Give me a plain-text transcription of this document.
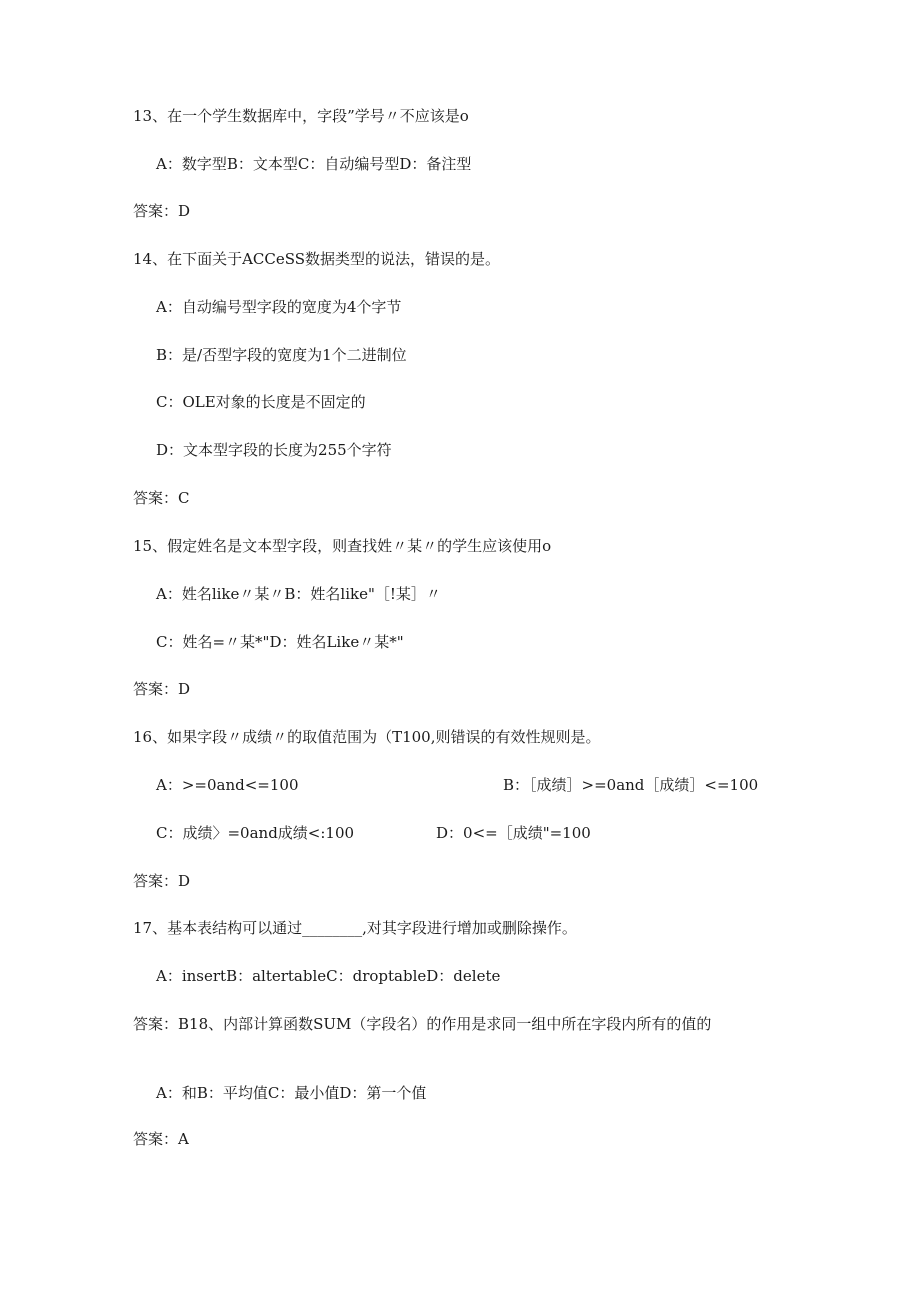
13、在一个学生数据库中，字段”学号〃不应该是o
A：数字型B：文本型C：自动编号型D：备注型
答案：D
14、在下面关于ACCeSS数据类型的说法，错误的是。
A：自动编号型字段的宽度为4个字节
B：是/否型字段的宽度为1个二进制位
C：OLE对象的长度是不固定的
D：文本型字段的长度为255个字符
答案：C
15、假定姓名是文本型字段，则查找姓〃某〃的学生应该使用o
A：姓名like〃某〃B：姓名like"［!某］〃
C：姓名=〃某*"D：姓名Like〃某*"
答案：D
16、如果字段〃成绩〃的取值范围为（T100,则错误的有效性规则是。
A：>=0and<=100	B：［成绩］>=0and［成绩］<=100
C：成绩〉=0and成绩<:100	D：0<=［成绩"=100
答案：D
17、基本表结构可以通过________,对其字段进行增加或删除操作。
A：insertB：altertableC：droptableD：delete
答案：B18、内部计算函数SUM（字段名）的作用是求同一组中所在字段内所有的值的
A：和B：平均值C：最小值D：第一个值
答案：A
